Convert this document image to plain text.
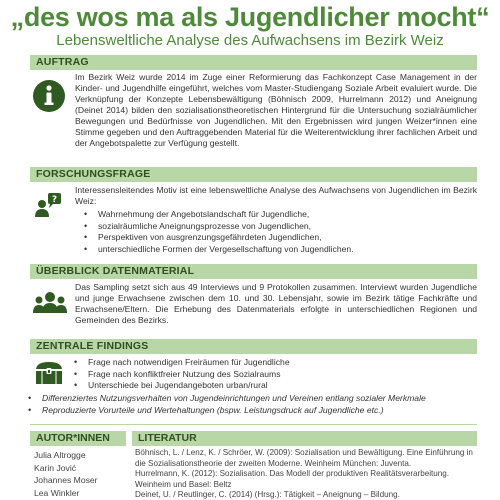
„des wos ma als Jugendlicher mocht“
Lebensweltliche Analyse des Aufwachsens im Bezirk Weiz
AUFTRAG
Im Bezirk Weiz wurde 2014 im Zuge einer Reformierung das Fachkonzept Case Management in der Kinder- und Jugendhilfe eingeführt, welches vom Master-Studiengang Soziale Arbeit evaluiert wurde. Die Verknüpfung der Konzepte Lebensbewältigung (Böhnisch 2009, Hurrelmann 2012) und Aneignung (Deinet 2014) bilden den sozialisationstheoretischen Hintergrund für die Untersuchung sozialräumlicher Bewegungen und Bedürfnisse von Jugendlichen. Mit den Ergebnissen wird jungen Weizer*innen eine Stimme gegeben und den Auftraggebenden Material für die Weiterentwicklung ihrer fachlichen Arbeit und der Angebotspalette zur Verfügung gestellt.
FORSCHUNGSFRAGE
?
Interessensleitendes Motiv ist eine lebensweltliche Analyse des Aufwachsens von Jugendlichen im Bezirk Weiz:
• Wahrnehmung der Angebotslandschaft für Jugendliche,
• sozialräumliche Aneignungsprozesse von Jugendlichen,
• Perspektiven von ausgrenzungsgefährdeten Jugendlichen,
• unterschiedliche Formen der Vergesellschaftung von Jugendlichen.
ÜBERBLICK DATENMATERIAL
Das Sampling setzt sich aus 49 Interviews und 9 Protokollen zusammen. Interviewt wurden Jugendliche und junge Erwachsene zwischen dem 10. und 30. Lebensjahr, sowie im Bezirk tätige Fachkräfte und Erwachsene/Eltern. Die Erhebung des Datenmaterials erfolgte in unterschiedlichen Regionen und Gemeinden des Bezirks.
ZENTRALE FINDINGS
• Frage nach notwendigen Freiräumen für Jugendliche
• Frage nach konfliktfreier Nutzung des Sozialraums
• Unterschiede bei Jugendangeboten urban/rural
• Differenziertes Nutzungsverhalten von Jugendeinrichtungen und Vereinen entlang sozialer Merkmale
• Reproduzierte Vorurteile und Wertehaltungen (bspw. Leistungsdruck auf Jugendliche etc.)
AUTOR*INNEN
Julia Altrogge
Karin Jović
Johannes Moser
Lea Winkler
LITERATUR

Böhnisch, L. / Lenz, K. / Schröer, W. (2009): Sozialisation und Bewältigung. Eine Einführung in die Sozialisationstheorie der zweiten Moderne. Weinheim München: Juventa.

Hurrelmann, K. (2012): Sozialisation. Das Modell der produktiven Realitätsverarbeitung. Weinheim und Basel: Beltz

Deinet, U. / Reutlinger, C. (2014) (Hrsg.): Tätigkeit – Aneignung – Bildung.
